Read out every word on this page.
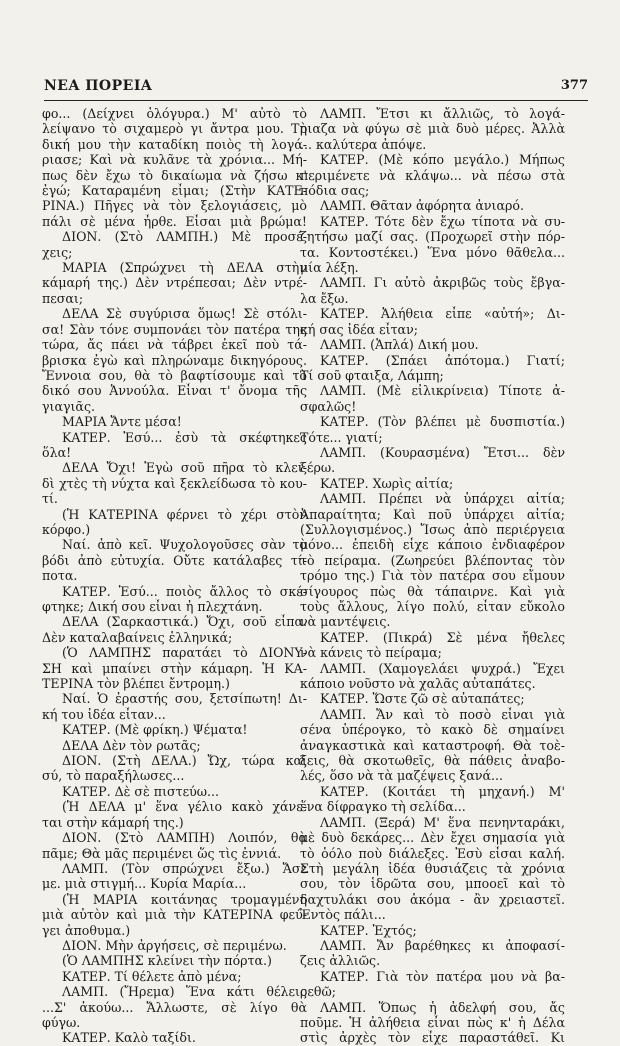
ΝΕΑ ΠΟΡΕΙΑ	377
φο... (Δείχνει ὁλόγυρα.) Μ' αὐτὸ τὸ
λείψανο τὸ σιχαμερὸ γι ἄντρα μου. Τὴ
δική μου τὴν καταδίκη ποιὸς τὴ λογά-
ριασε; Καὶ νὰ κυλᾶνε τὰ χρόνια... Μή-
πως δὲν ἔχω τὸ δικαίωμα νὰ ζήσω κ'
ἐγώ; Καταραμένη εἶμαι; (Στὴν ΚΑΤΕ-
ΡΙΝΑ.) Πῆγες νὰ τὸν ξελογιάσεις, μὸ
πάλι σὲ μένα ἦρθε. Εἶσαι μιὰ βρώμα!
ΔΙΟΝ. (Στὸ ΛΑΜΠΗ.) Μὲ προσέ-
χεις;
ΜΑΡΙΑ (Σπρώχνει τὴ ΔΕΛΑ στὴν
κάμαρή της.) Δὲν ντρέπεσαι; Δὲν ντρέ-
πεσαι;
ΔΕΛΑ Σὲ συγύρισα ὅμως! Σὲ στόλι-
σα! Σὰν τόνε συμπονάει τὸν πατέρα της
τώρα, ἄς πάει νὰ τάβρει ἐκεῖ ποὺ τά-
βρισκα ἐγὼ καὶ πληρώναμε δικηγόρους.
Ἔννοια σου, θὰ τὸ βαφτίσουμε καὶ τὸ
δικό σου Ἀννούλα. Εἶναι τ' ὄνομα τῆς
γιαγιᾶς.
ΜΑΡΙΑ Ἄντε μέσα!
ΚΑΤΕΡ. Ἐσύ... ἐσὺ τὰ σκέφτηκες
ὅλα!
ΔΕΛΑ Ὄχι! Ἐγὼ σοῦ πῆρα τὸ κλει-
δὶ χτὲς τὴ νύχτα καὶ ξεκλείδωσα τὸ κου-
τί.
(Ἡ ΚΑΤΕΡΙΝΑ φέρνει τὸ χέρι στὸν
κόρφο.)
Ναί. ἀπὸ κεῖ. Ψυχολογοῦσες σὰν τὸ
βόδι ἀπὸ εὐτυχία. Οὔτε κατάλαβες τί-
ποτα.
ΚΑΤΕΡ. Ἐσύ... ποιὸς ἄλλος τὸ σκέ-
φτηκε; Δική σου εἶναι ἡ πλεχτάνη.
ΔΕΛΑ (Σαρκαστικά.) Ὄχι, σοῦ εἶπα.
Δὲν καταλαβαίνεις ἑλληνικά;
(Ὁ ΛΑΜΠΗΣ παρατάει τὸ ΔΙΟΝΥ-
ΣΗ καὶ μπαίνει στὴν κάμαρη. Ἡ ΚΑ-
ΤΕΡΙΝΑ τὸν βλέπει ἔντρομη.)
Ναί. Ὁ ἐραστής σου, ξετσίπωτη! Δι-
κή του ἰδέα εἶταν...
ΚΑΤΕΡ. (Μὲ φρίκη.) Ψέματα!
ΔΕΛΑ Δὲν τὸν ρωτᾶς;
ΔΙΟΝ. (Στὴ ΔΕΛΑ.) Ὤχ, τώρα καὶ
σύ, τὸ παραξήλωσες...
ΚΑΤΕΡ. Δὲ σὲ πιστεύω...
(Ἡ ΔΕΛΑ μ' ἕνα γέλιο κακὸ χάνε-
ται στὴν κάμαρή της.)
ΔΙΟΝ. (Στὸ ΛΑΜΠΗ) Λοιπόν, θὰ
πᾶμε; Θὰ μᾶς περιμένει ὥς τὶς ἐννιά.
ΛΑΜΠ. (Τὸν σπρώχνει ἔξω.) Ἄσε
με. μιὰ στιγμή... Κυρία Μαρία...
(Ἡ ΜΑΡΙΑ κοιτάνηας τρομαγμένη
μιὰ αὐτὸν καὶ μιὰ τὴν ΚΑΤΕΡΙΝΑ φεύ-
γει ἀποθυμα.)
ΔΙΟΝ. Μὴν ἀργήσεις, σὲ περιμένω.
(Ὁ ΛΑΜΠΗΣ κλείνει τὴν πόρτα.)
ΚΑΤΕΡ. Τί θέλετε ἀπὸ μένα;
ΛΑΜΠ. (Ἤρεμα) Ἕνα κάτι θέλεις
...Σ' ἀκούω... Ἄλλωστε, σὲ λίγο θὰ
φύγω.
ΚΑΤΕΡ. Καλὸ ταξίδι.
ΛΑΜΠ. Ἔτσι κι ἄλλιῶς, τὸ λογά-
ριαζα νὰ φύγω σὲ μιὰ δυὸ μέρες. Ἀλλὰ
... καλύτερα ἀπόψε.
ΚΑΤΕΡ. (Μὲ κόπο μεγάλο.) Μήπως
περιμένετε νὰ κλάψω... νὰ πέσω στὰ
πόδια σας;
ΛΑΜΠ. Θᾶταν ἀφόρητα ἀνιαρό.
ΚΑΤΕΡ. Τότε δὲν ἔχω τίποτα νὰ συ-
ζητήσω μαζί σας. (Προχωρεῖ στὴν πόρ-
τα. Κοντοστέκει.) Ἕνα μόνο θᾶθελα...
μία λέξη.
ΛΑΜΠ. Γι αὐτὸ ἀκριβῶς τοὺς ἔβγα-
λα ἔξω.
ΚΑΤΕΡ. Ἀλήθεια εἶπε «αὐτή»; Δι-
κή σας ἰδέα εἶταν;
ΛΑΜΠ. (Ἁπλά) Δική μου.
ΚΑΤΕΡ. (Σπάει ἀπότομα.) Γιατί;
Τί σοῦ φταιξα, Λάμπη;
ΛΑΜΠ. (Μὲ εἰλικρίνεια) Τίποτε ἀ-
σφαλῶς!
ΚΑΤΕΡ. (Τὸν βλέπει μὲ δυσπιστία.)
Τότε... γιατί;
ΛΑΜΠ. (Κουρασμένα) Ἔτσι... δὲν
ξέρω.
ΚΑΤΕΡ. Χωρὶς αἰτία;
ΛΑΜΠ. Πρέπει νὰ ὑπάρχει αἰτία;
Ἀπαραίτητα; Καὶ ποῦ ὑπάρχει αἰτία;
(Συλλογισμένος.) Ἴσως ἀπὸ περιέργεια
μόνο... ἐπειδὴ εἶχε κάποιο ἐνδιαφέρον
τὸ πείραμα. (Ζωηρεύει βλέποντας τὸν
τρόμο της.) Γιὰ τὸν πατέρα σου εἴμουν
σίγουρος πὼς θὰ τάπαιρνε. Καὶ γιὰ
τοὺς ἄλλους, λίγο πολύ, εἶταν εὔκολο
νὰ μαντέψεις.
ΚΑΤΕΡ. (Πικρά) Σὲ μένα ἤθελες
νὰ κάνεις τὸ πείραμα;
ΛΑΜΠ. (Χαμογελάει ψυχρά.) Ἔχει
κάποιο νοῦστο νὰ χαλᾶς αὐταπάτες.
ΚΑΤΕΡ. Ὥστε ζῶ σὲ αὐταπάτες;
ΛΑΜΠ. Ἄν καὶ τὸ ποσὸ εἶναι γιὰ
σένα ὑπέρογκο, τὸ κακὸ δὲ σημαίνει
ἀναγκαστικὰ καὶ καταστροφή. Θὰ τοὲ-
ξεις, θὰ σκοτωθεῖς, θὰ πάθεις ἀναβο-
λές, ὅσο νὰ τὰ μαζέψεις ξανά...
ΚΑΤΕΡ. (Κοιτάει τὴ μηχανή.) Μ'
ἕνα δίφραγκο τὴ σελίδα...
ΛΑΜΠ. (Ξερά) Μ' ἕνα πενηνταράκι,
μὲ δυὸ δεκάρες... Δὲν ἔχει σημασία γιὰ
τὸ ὁόλο ποὺ διάλεξες. Ἐσὺ εἶσαι καλή.
Στὴ μεγάλη ἰδέα θυσιάζεις τὰ χρόνια
σου, τὸν ἱδρῶτα σου, μποοεῖ καὶ τὸ
δαχτυλάκι σου ἀκόμα - ἂν χρειαστεῖ.
Ἐντὸς πάλι...
ΚΑΤΕΡ. Ἐχτός;
ΛΑΜΠ. Ἄν βαρέθηκες κι ἀποφασί-
ζεις ἀλλιῶς.
ΚΑΤΕΡ. Γιὰ τὸν πατέρα μου νὰ βα-
ρεθῶ;
ΛΑΜΠ. Ὅπως ἡ ἀδελφή σου, ἄς
ποῦμε. Ἡ ἀλήθεια εἶναι πὼς κ' ἡ Δέλα
στὶς ἀρχὲς τὸν εἶχε παραστάθεῖ. Κι
